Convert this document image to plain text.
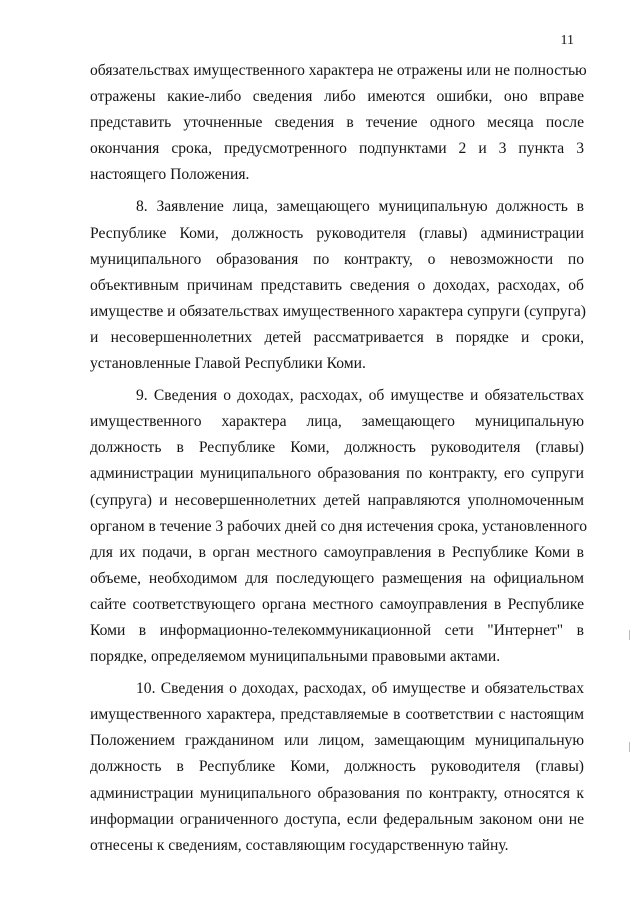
11

обязательствах имущественного характера не отражены или не полностью
отражены какие-либо сведения либо имеются ошибки, оно вправе
представить уточненные сведения в течение одного месяца после
окончания срока, предусмотренного подпунктами 2 и 3 пункта 3
настоящего Положения.

8. Заявление лица, замещающего муниципальную должность в
Республике Коми, должность руководителя (главы) администрации
муниципального образования по контракту, о невозможности по
объективным причинам представить сведения о доходах, расходах, об
имуществе и обязательствах имущественного характера супруги (супруга)
и несовершеннолетних детей рассматривается в порядке и сроки,
установленные Главой Республики Коми.

9. Сведения о доходах, расходах, об имуществе и обязательствах
имущественного характера лица, замещающего муниципальную
должность в Республике Коми, должность руководителя (главы)
администрации муниципального образования по контракту, его супруги
(супруга) и несовершеннолетних детей направляются уполномоченным
органом в течение 3 рабочих дней со дня истечения срока, установленного
для их подачи, в орган местного самоуправления в Республике Коми в
объеме, необходимом для последующего размещения на официальном
сайте соответствующего органа местного самоуправления в Республике
Коми в информационно-телекоммуникационной сети "Интернет" в
порядке, определяемом муниципальными правовыми актами.

10. Сведения о доходах, расходах, об имуществе и обязательствах
имущественного характера, представляемые в соответствии с настоящим
Положением гражданином или лицом, замещающим муниципальную
должность в Республике Коми, должность руководителя (главы)
администрации муниципального образования по контракту, относятся к
информации ограниченного доступа, если федеральным законом они не
отнесены к сведениям, составляющим государственную тайну.
